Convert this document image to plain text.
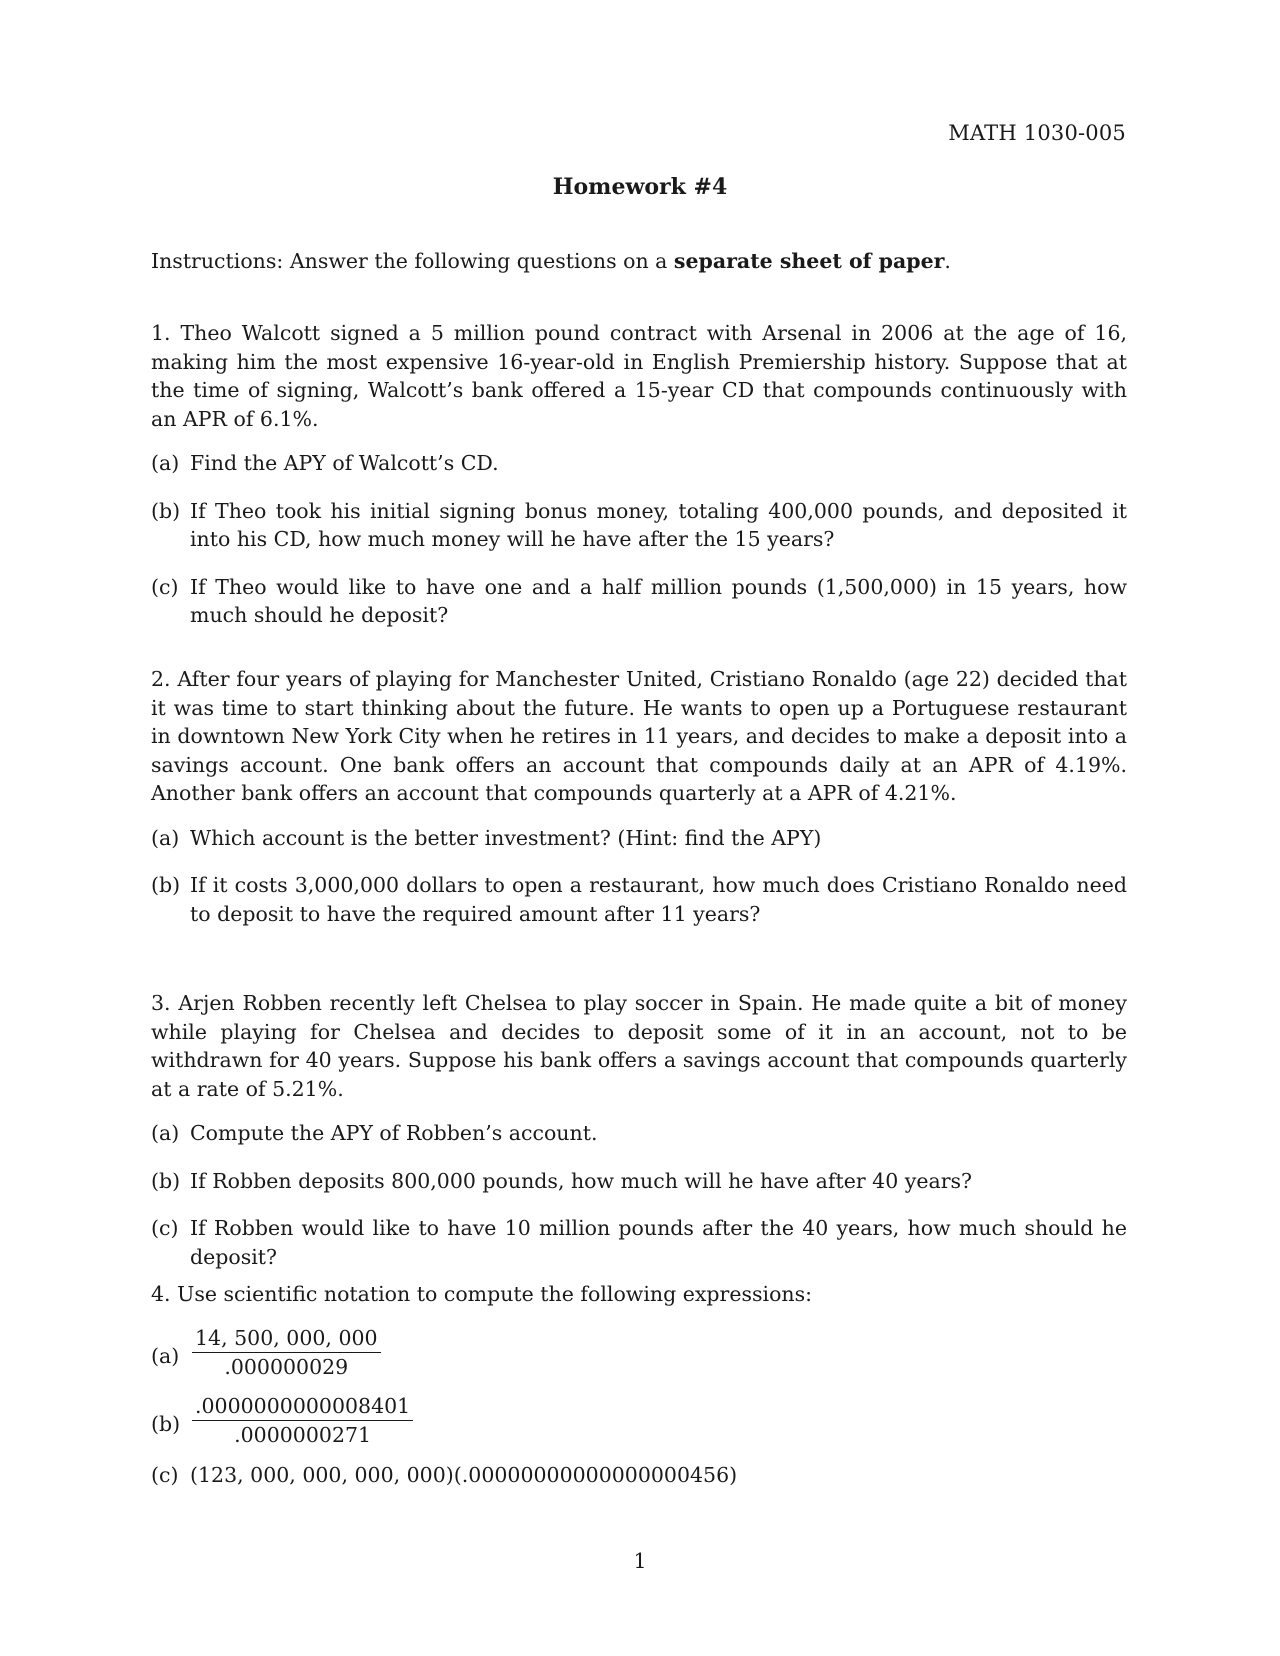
MATH 1030-005
Homework #4
Instructions: Answer the following questions on a separate sheet of paper.

1. Theo Walcott signed a 5 million pound contract with Arsenal in 2006 at the age of 16, making him the most expensive 16-year-old in English Premiership history. Suppose that at the time of signing, Walcott’s bank offered a 15-year CD that compounds continuously with an APR of 6.1%.

(a) Find the APY of Walcott’s CD.
(b) If Theo took his initial signing bonus money, totaling 400,000 pounds, and deposited it into his CD, how much money will he have after the 15 years?
(c) If Theo would like to have one and a half million pounds (1,500,000) in 15 years, how much should he deposit?

2. After four years of playing for Manchester United, Cristiano Ronaldo (age 22) decided that it was time to start thinking about the future. He wants to open up a Portuguese restaurant in downtown New York City when he retires in 11 years, and decides to make a deposit into a savings account. One bank offers an account that compounds daily at an APR of 4.19%. Another bank offers an account that compounds quarterly at a APR of 4.21%.

(a) Which account is the better investment? (Hint: find the APY)
(b) If it costs 3,000,000 dollars to open a restaurant, how much does Cristiano Ronaldo need to deposit to have the required amount after 11 years?

3. Arjen Robben recently left Chelsea to play soccer in Spain. He made quite a bit of money while playing for Chelsea and decides to deposit some of it in an account, not to be withdrawn for 40 years. Suppose his bank offers a savings account that compounds quarterly at a rate of 5.21%.

(a) Compute the APY of Robben’s account.
(b) If Robben deposits 800,000 pounds, how much will he have after 40 years?
(c) If Robben would like to have 10 million pounds after the 40 years, how much should he deposit?

4. Use scientific notation to compute the following expressions:

$(a) \frac{14, 500, 000, 000}{.000000029}$
$(b) \frac{.0000000000008401}{.0000000271}$
(c) (123, 000, 000, 000, 000)(.00000000000000000456)
1
